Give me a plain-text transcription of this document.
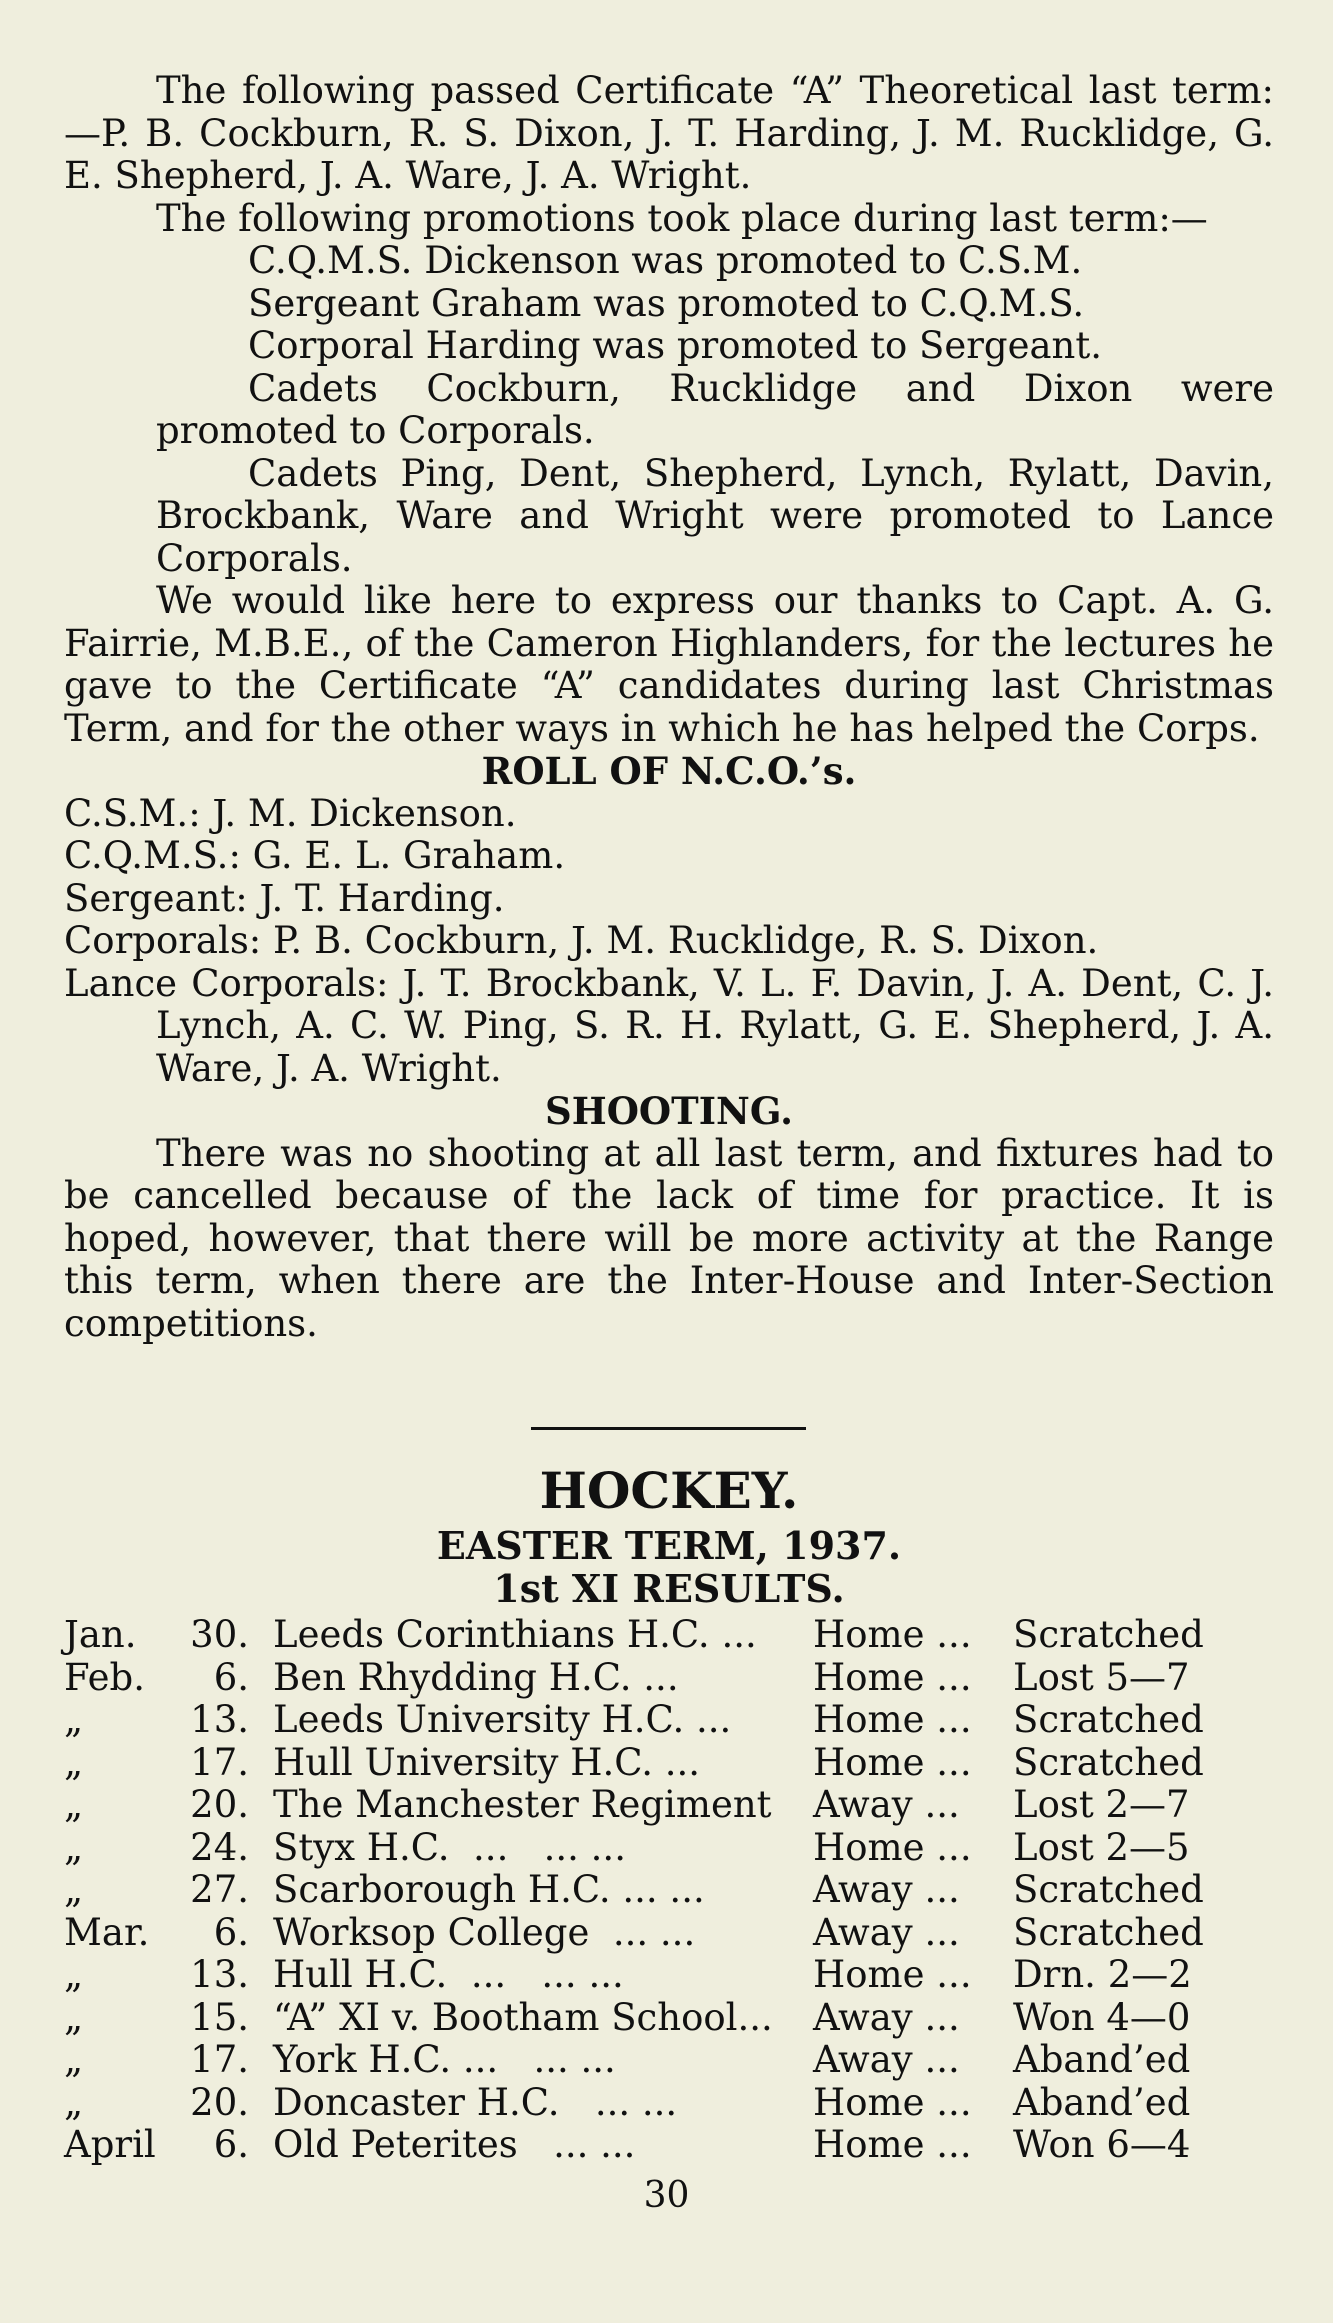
The following passed Certificate “A” Theoretical last term:—P. B. Cockburn, R. S. Dixon, J. T. Harding, J. M. Rucklidge, G. E. Shepherd, J. A. Ware, J. A. Wright.

The following promotions took place during last term:—

C.Q.M.S. Dickenson was promoted to C.S.M.

Sergeant Graham was promoted to C.Q.M.S.

Corporal Harding was promoted to Sergeant.

Cadets Cockburn, Rucklidge and Dixon were promoted to Corporals.

Cadets Ping, Dent, Shepherd, Lynch, Rylatt, Davin, Brockbank, Ware and Wright were promoted to Lance Corporals.

We would like here to express our thanks to Capt. A. G. Fairrie, M.B.E., of the Cameron Highlanders, for the lectures he gave to the Certificate “A” candidates during last Christmas Term, and for the other ways in which he has helped the Corps.

ROLL OF N.C.O.’s.

C.S.M.: J. M. Dickenson.

C.Q.M.S.: G. E. L. Graham.

Sergeant: J. T. Harding.

Corporals: P. B. Cockburn, J. M. Rucklidge, R. S. Dixon.

Lance Corporals: J. T. Brockbank, V. L. F. Davin, J. A. Dent, C. J. Lynch, A. C. W. Ping, S. R. H. Rylatt, G. E. Shepherd, J. A. Ware, J. A. Wright.

SHOOTING.

There was no shooting at all last term, and fixtures had to be cancelled because of the lack of time for practice. It is hoped, however, that there will be more activity at the Range this term, when there are the Inter-House and Inter-Section competitions.

HOCKEY.

EASTER TERM, 1937.

1st XI RESULTS.

Jan.	30.	Leeds Corinthians H.C. ...	Home ...	Scratched
Feb.	6.	Ben Rhydding H.C. ...	Home ...	Lost 5—7
„	13.	Leeds University H.C. ...	Home ...	Scratched
„	17.	Hull University H.C. ...	Home ...	Scratched
„	20.	The Manchester Regiment	Away ...	Lost 2—7
„	24.	Styx H.C.  ...   ... ...	Home ...	Lost 2—5
„	27.	Scarborough H.C. ... ...	Away ...	Scratched
Mar.	6.	Worksop College  ... ...	Away ...	Scratched
„	13.	Hull H.C.  ...   ... ...	Home ...	Drn. 2—2
„	15.	“A” XI v. Bootham School...	Away ...	Won 4—0
„	17.	York H.C. ...   ... ...	Away ...	Aband’ed
„	20.	Doncaster H.C.   ... ...	Home ...	Aband’ed
April	6.	Old Peterites   ... ...	Home ...	Won 6—4
30
